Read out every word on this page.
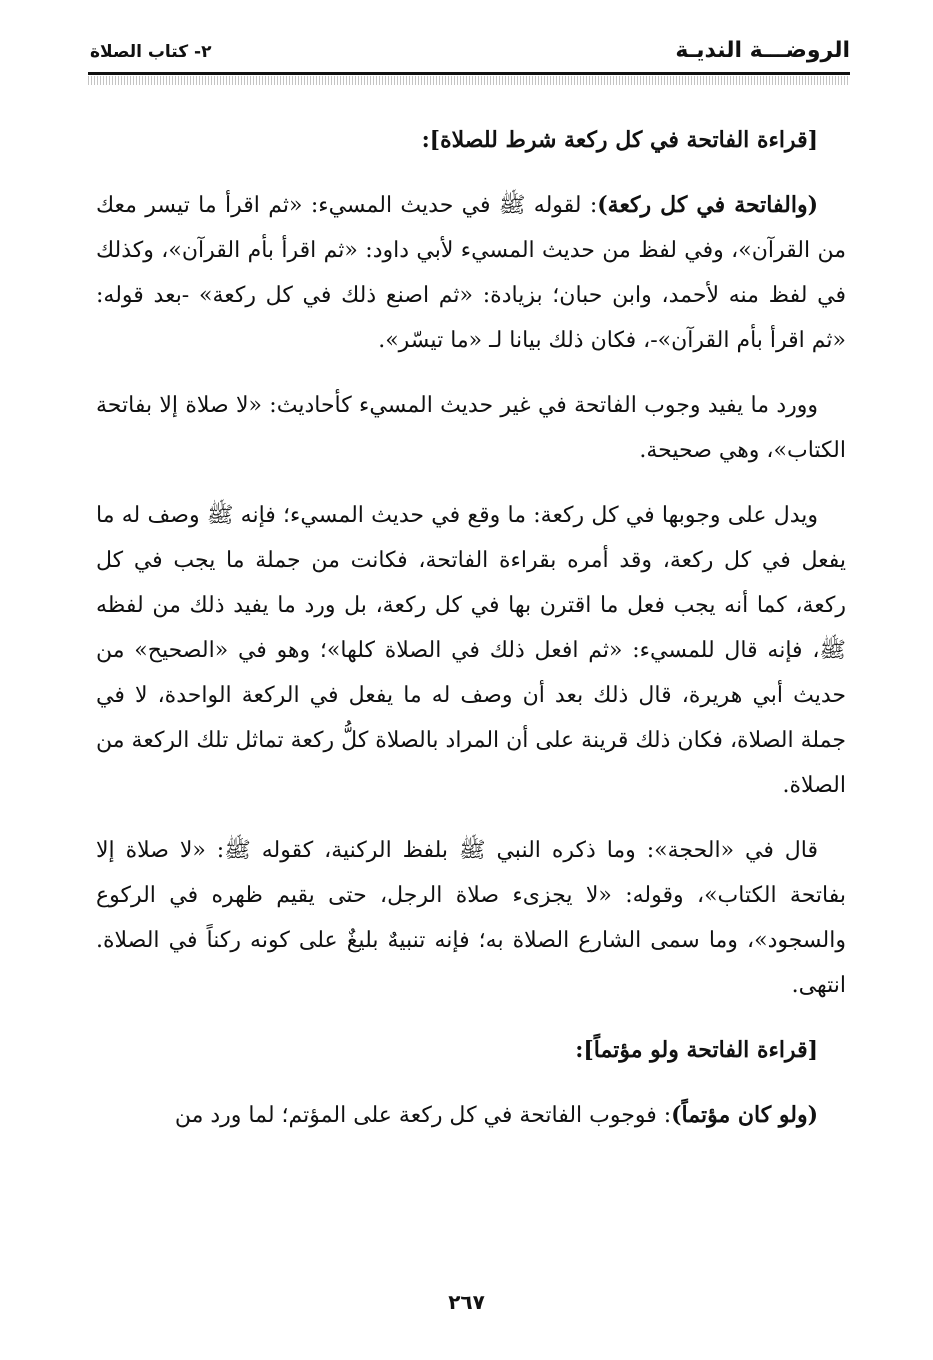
الروضـــة النديـة
٢- كتاب الصلاة

[قراءة الفاتحة في كل ركعة شرط للصلاة]:

(والفاتحة في كل ركعة): لقوله ﷺ في حديث المسيء: «ثم اقرأ ما تيسر معك من القرآن»، وفي لفظ من حديث المسيء لأبي داود: «ثم اقرأ بأم القرآن»، وكذلك في لفظ منه لأحمد، وابن حبان؛ بزيادة: «ثم اصنع ذلك في كل ركعة» -بعد قوله: «ثم اقرأ بأم القرآن»-، فكان ذلك بيانا لـ «ما تيسّر».

وورد ما يفيد وجوب الفاتحة في غير حديث المسيء كأحاديث: «لا صلاة إلا بفاتحة الكتاب»، وهي صحيحة.

ويدل على وجوبها في كل ركعة: ما وقع في حديث المسيء؛ فإنه ﷺ وصف له ما يفعل في كل ركعة، وقد أمره بقراءة الفاتحة، فكانت من جملة ما يجب في كل ركعة، كما أنه يجب فعل ما اقترن بها في كل ركعة، بل ورد ما يفيد ذلك من لفظه ﷺ، فإنه قال للمسيء: «ثم افعل ذلك في الصلاة كلها»؛ وهو في «الصحيح» من حديث أبي هريرة، قال ذلك بعد أن وصف له ما يفعل في الركعة الواحدة، لا في جملة الصلاة، فكان ذلك قرينة على أن المراد بالصلاة كلُّ ركعة تماثل تلك الركعة من الصلاة.

قال في «الحجة»: وما ذكره النبي ﷺ بلفظ الركنية، كقوله ﷺ: «لا صلاة إلا بفاتحة الكتاب»، وقوله: «لا يجزىء صلاة الرجل، حتى يقيم ظهره في الركوع والسجود»، وما سمى الشارع الصلاة به؛ فإنه تنبيهٌ بليغٌ على كونه ركناً في الصلاة. انتهى.

[قراءة الفاتحة ولو مؤتماً]:

(ولو كان مؤتماً): فوجوب الفاتحة في كل ركعة على المؤتم؛ لما ورد من

٢٦٧
